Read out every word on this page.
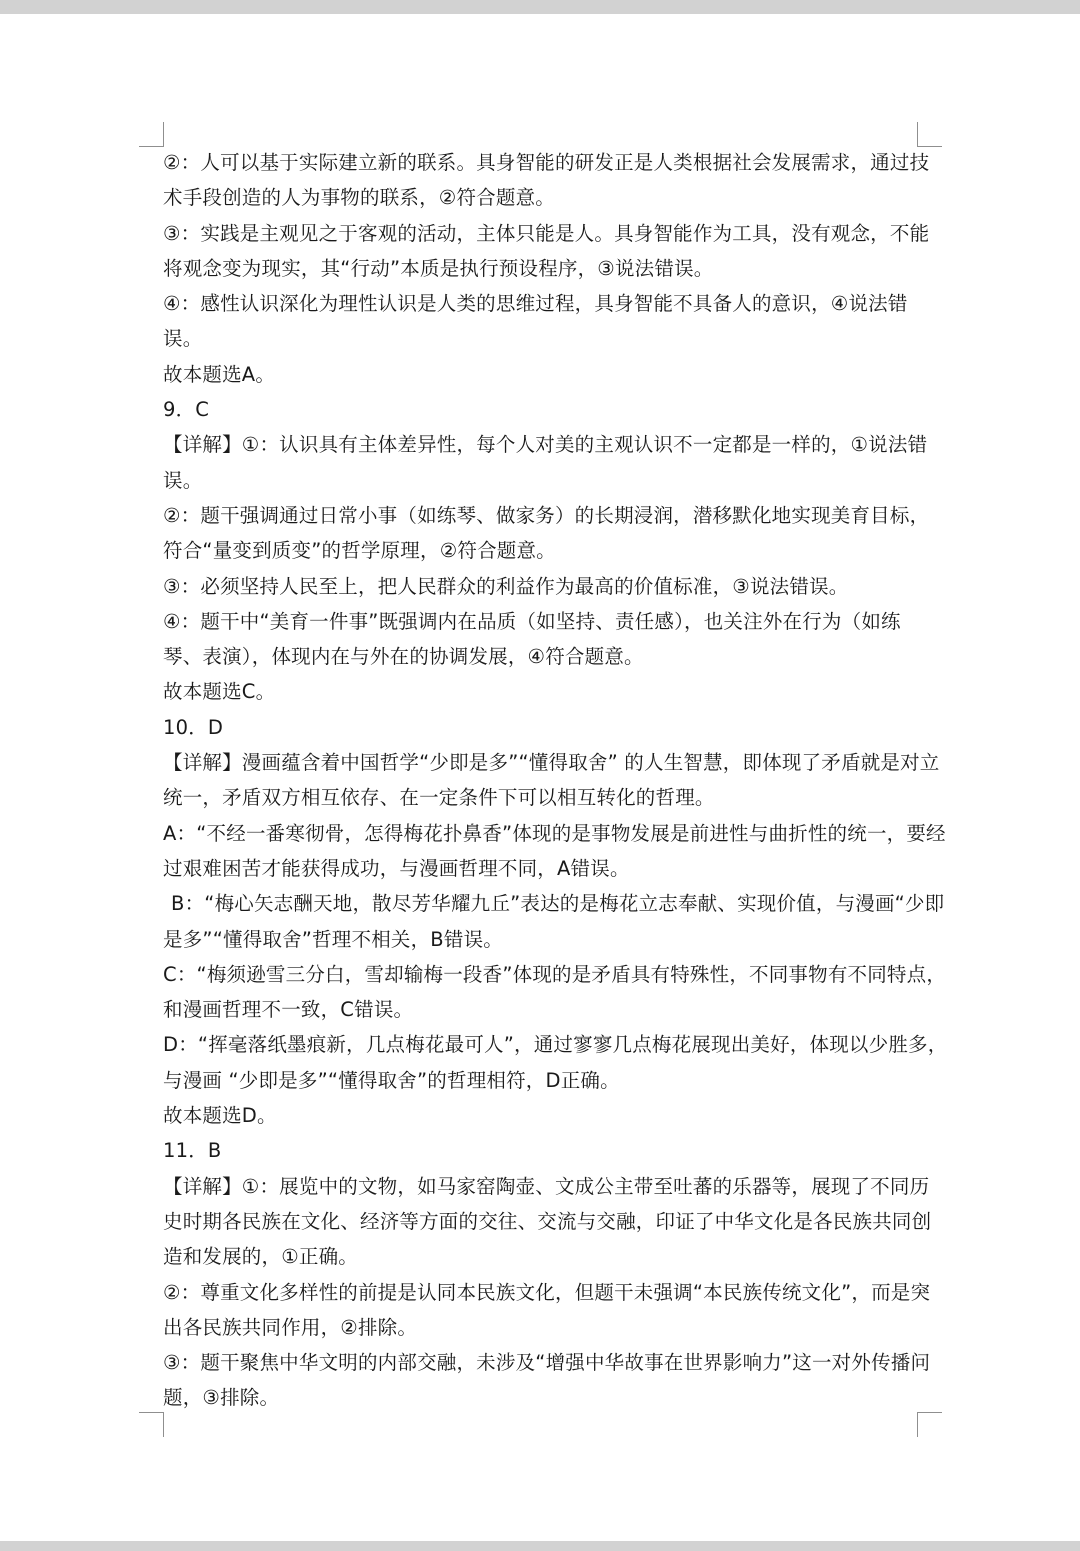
②：人可以基于实际建立新的联系。具身智能的研发正是人类根据社会发展需求，通过技
术手段创造的人为事物的联系，②符合题意。
③：实践是主观见之于客观的活动，主体只能是人。具身智能作为工具，没有观念，不能
将观念变为现实，其“行动”本质是执行预设程序，③说法错误。
④：感性认识深化为理性认识是人类的思维过程，具身智能不具备人的意识，④说法错
误。
故本题选A。
9．C
【详解】①：认识具有主体差异性，每个人对美的主观认识不一定都是一样的，①说法错
误。
②：题干强调通过日常小事（如练琴、做家务）的长期浸润，潜移默化地实现美育目标，
符合“量变到质变”的哲学原理，②符合题意。
③：必须坚持人民至上，把人民群众的利益作为最高的价值标准，③说法错误。
④：题干中“美育一件事”既强调内在品质（如坚持、责任感），也关注外在行为（如练
琴、表演），体现内在与外在的协调发展，④符合题意。
故本题选C。
10．D
【详解】漫画蕴含着中国哲学“少即是多”“懂得取舍” 的人生智慧，即体现了矛盾就是对立
统一，矛盾双方相互依存、在一定条件下可以相互转化的哲理。
A：“不经一番寒彻骨，怎得梅花扑鼻香”体现的是事物发展是前进性与曲折性的统一，要经
过艰难困苦才能获得成功，与漫画哲理不同，A错误。
B：“梅心矢志酬天地，散尽芳华耀九丘”表达的是梅花立志奉献、实现价值，与漫画“少即
是多”“懂得取舍”哲理不相关，B错误。
C：“梅须逊雪三分白，雪却输梅一段香”体现的是矛盾具有特殊性，不同事物有不同特点，
和漫画哲理不一致，C错误。
D：“挥毫落纸墨痕新，几点梅花最可人”，通过寥寥几点梅花展现出美好，体现以少胜多，
与漫画 “少即是多”“懂得取舍”的哲理相符，D正确。
故本题选D。
11．B
【详解】①：展览中的文物，如马家窑陶壶、文成公主带至吐蕃的乐器等，展现了不同历
史时期各民族在文化、经济等方面的交往、交流与交融，印证了中华文化是各民族共同创
造和发展的，①正确。
②：尊重文化多样性的前提是认同本民族文化，但题干未强调“本民族传统文化”，而是突
出各民族共同作用，②排除。
③：题干聚焦中华文明的内部交融，未涉及“增强中华故事在世界影响力”这一对外传播问
题，③排除。
